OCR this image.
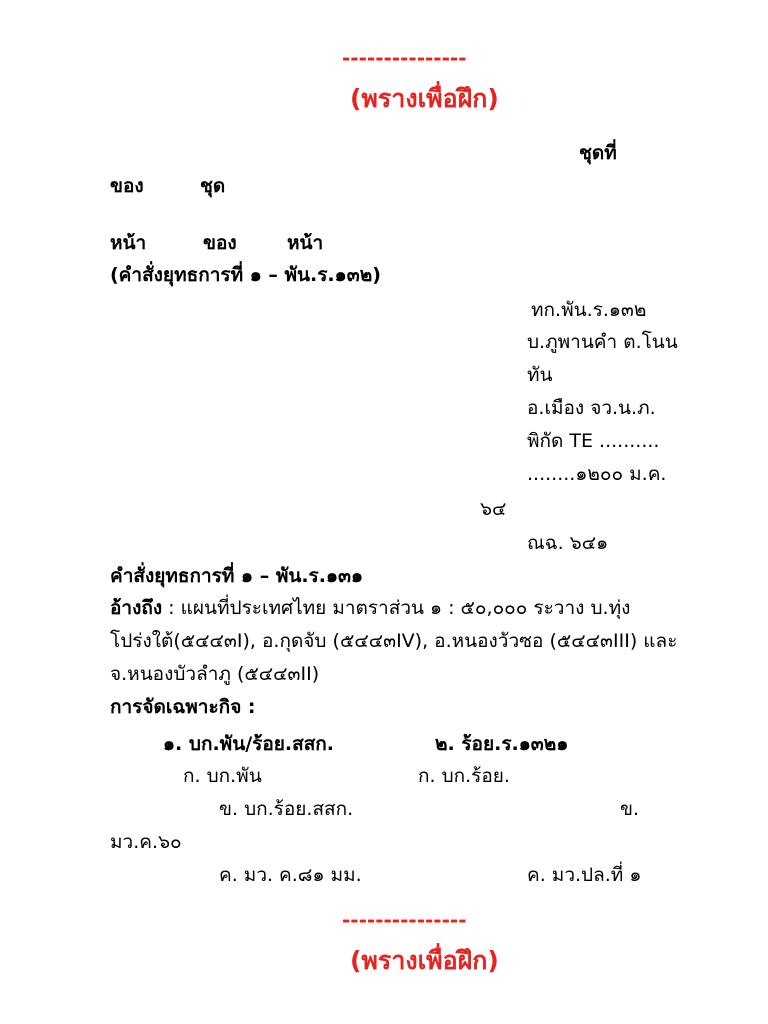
---------------
(พรางเพื่อฝึก)
ชุดที่
ของ	ชุด
หน้า	ของ	หน้า
(คำสั่งยุทธการที่ ๑ – พัน.ร.๑๓๒)
ทก.พัน.ร.๑๓๒
บ.ภูพานคำ ต.โนน
ทัน
อ.เมือง จว.น.ภ.
พิกัด TE ..........
........๑๒๐๐ ม.ค.
๖๔
ณฉ. ๖๔๑
คำสั่งยุทธการที่ ๑ – พัน.ร.๑๓๑
อ้างถึง : แผนที่ประเทศไทย มาตราส่วน ๑ : ๕๐,๐๐๐ ระวาง บ.ทุ่ง
โปร่งใต้(๕๔๔๓I), อ.กุดจับ (๕๔๔๓IV), อ.หนองวัวซอ (๕๔๔๓III) และ
จ.หนองบัวลำภู (๕๔๔๓II)
การจัดเฉพาะกิจ :
๑. บก.พัน/ร้อย.สสก.	๒. ร้อย.ร.๑๓๒๑
ก. บก.พัน	ก. บก.ร้อย.
ข. บก.ร้อย.สสก.	ข.
มว.ค.๖๐
ค. มว. ค.๘๑ มม.	ค. มว.ปล.ที่ ๑
---------------
(พรางเพื่อฝึก)
